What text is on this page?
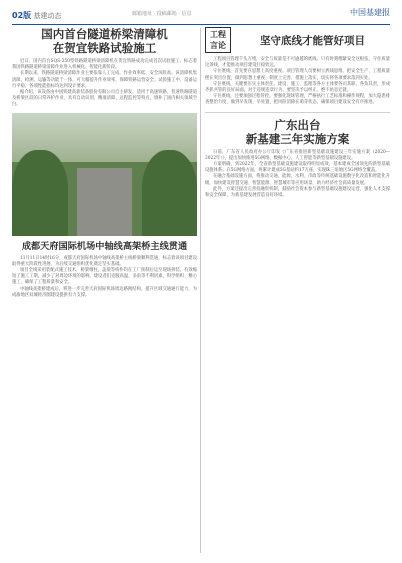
02版 基建动态	邮箱地址 · 投稿邮箱 · 信息	中国基建报
国内首台隧道桥梁清障机
在贺宜铁路试验施工

近日，国内首台SQS-350型铁路隧道桥梁清障机在贺宜铁路成功完成首次试验施工，标志着我国铁路隧道桥梁清障作业进入机械化、智能化新阶段。

长期以来，铁路隧道桥梁清障作业主要依靠人工完成，作业效率低、安全风险高。该清障机集清障、检测、运输等功能于一体，可大幅提升作业效率，保障铁路运营安全。试验施工中，设备运行平稳，各项性能指标均达到设计要求。

据介绍，该设备由中国铁建高新装备股份有限公司自主研发，适用于高速铁路、普速铁路隧道及桥梁区段的日常养护作业，具有自动识别、精准清障、远程监控等特点，填补了国内相关领域空白。

成都天府国际机场中轴线高架桥主线贯通

11月11日14时16分，成都天府国际机场中轴线高架桥主线桥梁顺利贯通，标志着该项目建设取得重大阶段性进展，为后续交通组织优化奠定坚实基础。

项目全线采用装配式施工技术，桥梁墩柱、盖梁等构件均在工厂预制后运至现场拼装，有效缩短了施工工期，减少了对周边环境的影响。建设者们克服高温、多雨等不利因素，科学组织、精心施工，确保了工程质量和安全。

中轴线高架桥建成后，将进一步完善天府国际机场周边路网结构，提升区域交通通行能力，为成渝地区双城经济圈建设提供有力支撑。

工程
言论	坚守底线才能管好项目

工程项目管理千头万绪，安全与质量是不可逾越的底线。只有时刻绷紧安全这根弦，守住质量这条线，才能推动项目建设行稳致远。

守住底线，首先要在思想上高度重视。项目管理人员要树立底线思维，把安全生产、工程质量摆在突出位置，做到思想上重视、制度上完善、措施上落实，切实将各项要求落到实处。

守住底线，关键要压实主体责任。建设、施工、监理等各方主体要各司其职、各负其责，形成齐抓共管的良好局面。对于违规违章行为，要坚决予以纠正，绝不姑息迁就。

守住底线，还要加强过程管控。要强化现场管理，严格执行工艺标准和操作规程，加大隐患排查整治力度，做到早发现、早处置，把风险消除在萌芽状态，确保项目建设安全有序推进。

广东出台
新基建三年实施方案

日前，广东省人民政府办公厅印发《广东省推进新型基础设施建设三年实施方案（2020—2022年）》，提出加快推进5G网络、数据中心、人工智能等新型基础设施建设。

方案明确，到2022年，全省新型基础设施建设取得明显成效，基本建成全国领先的新型基础设施体系。在5G网络方面，将累计建成5G基站约17万座，实现珠三角地区5G网络全覆盖。

在融合基础设施方面，将推动交通、能源、水利、市政等传统基础设施数字化改造和智能化升级，加快建设智慧交通、智慧能源、智慧城市等应用场景，助力经济社会高质量发展。

此外，方案还提出完善投融资机制，鼓励社会资本参与新型基础设施建设运营，强化人才支撑和安全保障，为新基建发展营造良好环境。
